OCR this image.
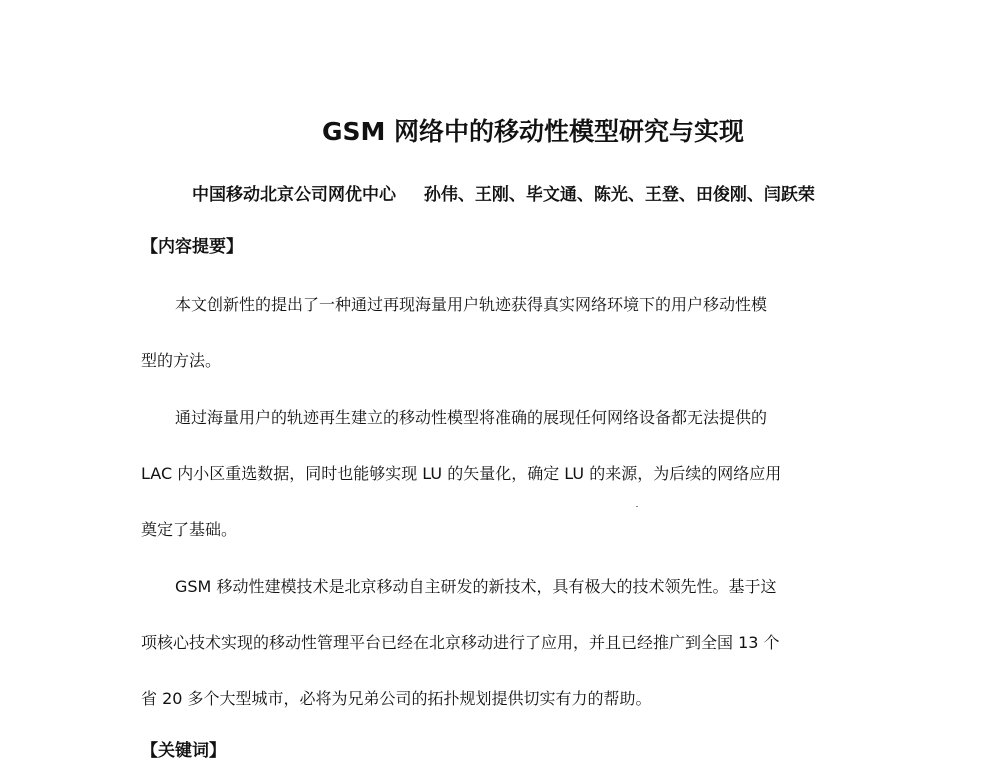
GSM 网络中的移动性模型研究与实现
中国移动北京公司网优中心 孙伟、王刚、毕文通、陈光、王登、田俊刚、闫跃荣
【内容提要】
本文创新性的提出了一种通过再现海量用户轨迹获得真实网络环境下的用户移动性模
型的方法。
通过海量用户的轨迹再生建立的移动性模型将准确的展现任何网络设备都无法提供的
LAC 内小区重选数据，同时也能够实现 LU 的矢量化，确定 LU 的来源，为后续的网络应用
奠定了基础。
GSM 移动性建模技术是北京移动自主研发的新技术，具有极大的技术领先性。基于这
项核心技术实现的移动性管理平台已经在北京移动进行了应用，并且已经推广到全国 13 个
省 20 多个大型城市，必将为兄弟公司的拓扑规划提供切实有力的帮助。
【关键词】
